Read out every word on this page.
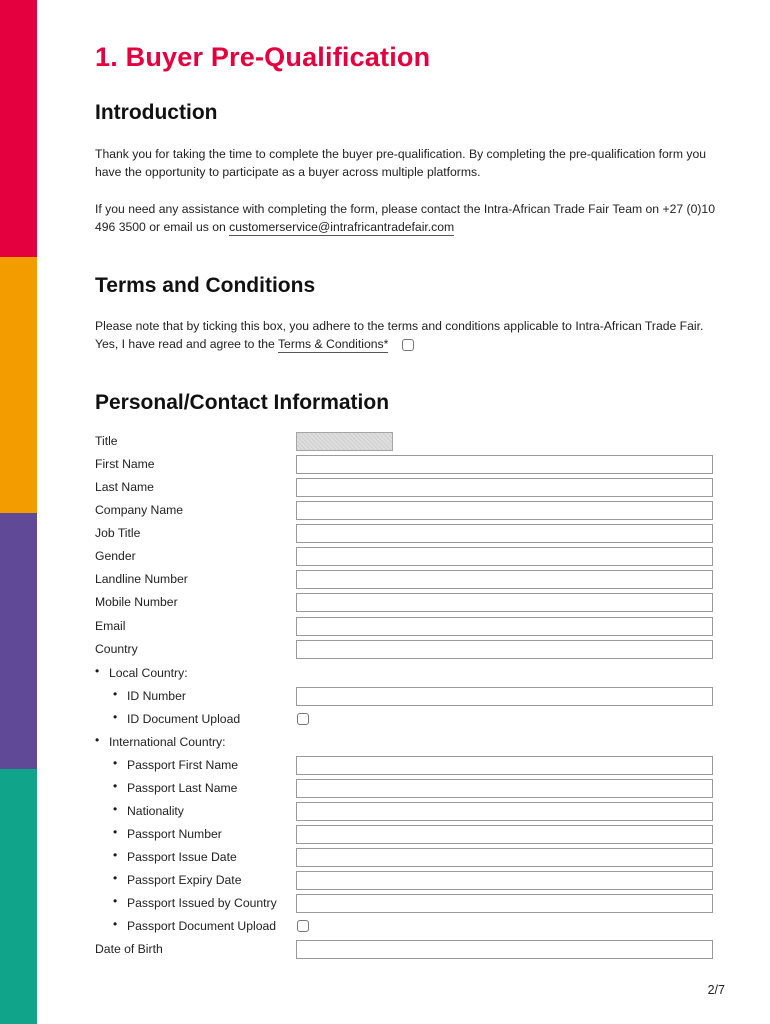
1. Buyer Pre-Qualification
Introduction

Thank you for taking the time to complete the buyer pre-qualification. By completing the pre-qualification form you have the opportunity to participate as a buyer across multiple platforms.

If you need any assistance with completing the form, please contact the Intra-African Trade Fair Team on +27 (0)10 496 3500 or email us on customerservice@intrafricantradefair.com

Terms and Conditions

Please note that by ticking this box, you adhere to the terms and conditions applicable to Intra-African Trade Fair. Yes, I have read and agree to the Terms & Conditions*

Personal/Contact Information
Title
First Name
Last Name
Company Name
Job Title
Gender
Landline Number
Mobile Number
Email
Country
• Local Country:
• ID Number
• ID Document Upload
• International Country:
• Passport First Name
• Passport Last Name
• Nationality
• Passport Number
• Passport Issue Date
• Passport Expiry Date
• Passport Issued by Country
• Passport Document Upload
Date of Birth
2/7
